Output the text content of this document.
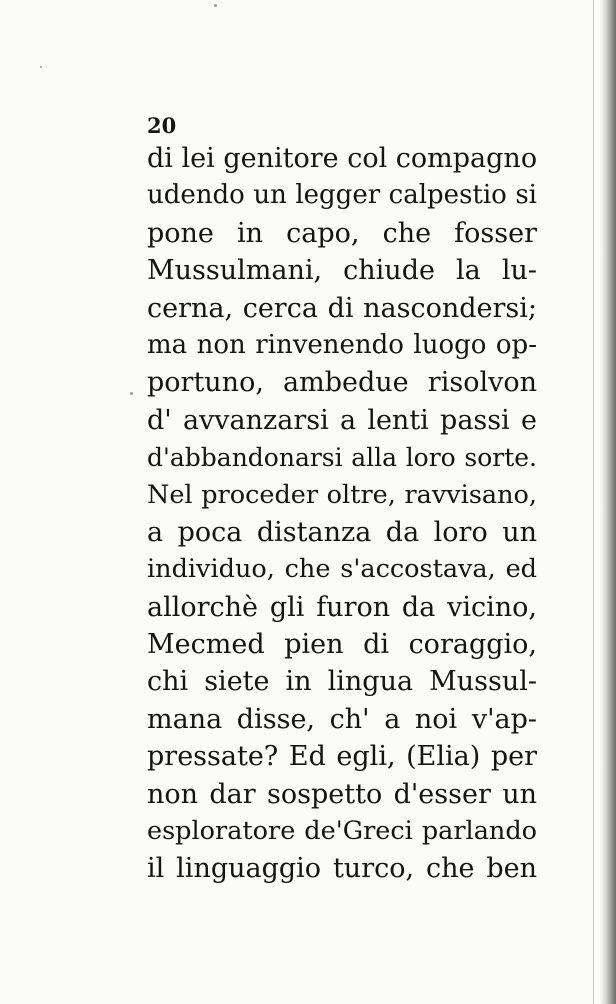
20
di lei genitore col compagno
udendo un legger calpestio si
pone in capo, che fosser
Mussulmani, chiude la lu-
cerna, cerca di nascondersi;
ma non rinvenendo luogo op-
portuno, ambedue risolvon
d' avvanzarsi a lenti passi e
d'abbandonarsi alla loro sorte.
Nel proceder oltre, ravvisano,
a poca distanza da loro un
individuo, che s'accostava, ed
allorchè gli furon da vicino,
Mecmed pien di coraggio,
chi siete in lingua Mussul-
mana disse, ch' a noi v'ap-
pressate? Ed egli, (Elia) per
non dar sospetto d'esser un
esploratore de'Greci parlando
il linguaggio turco, che ben
